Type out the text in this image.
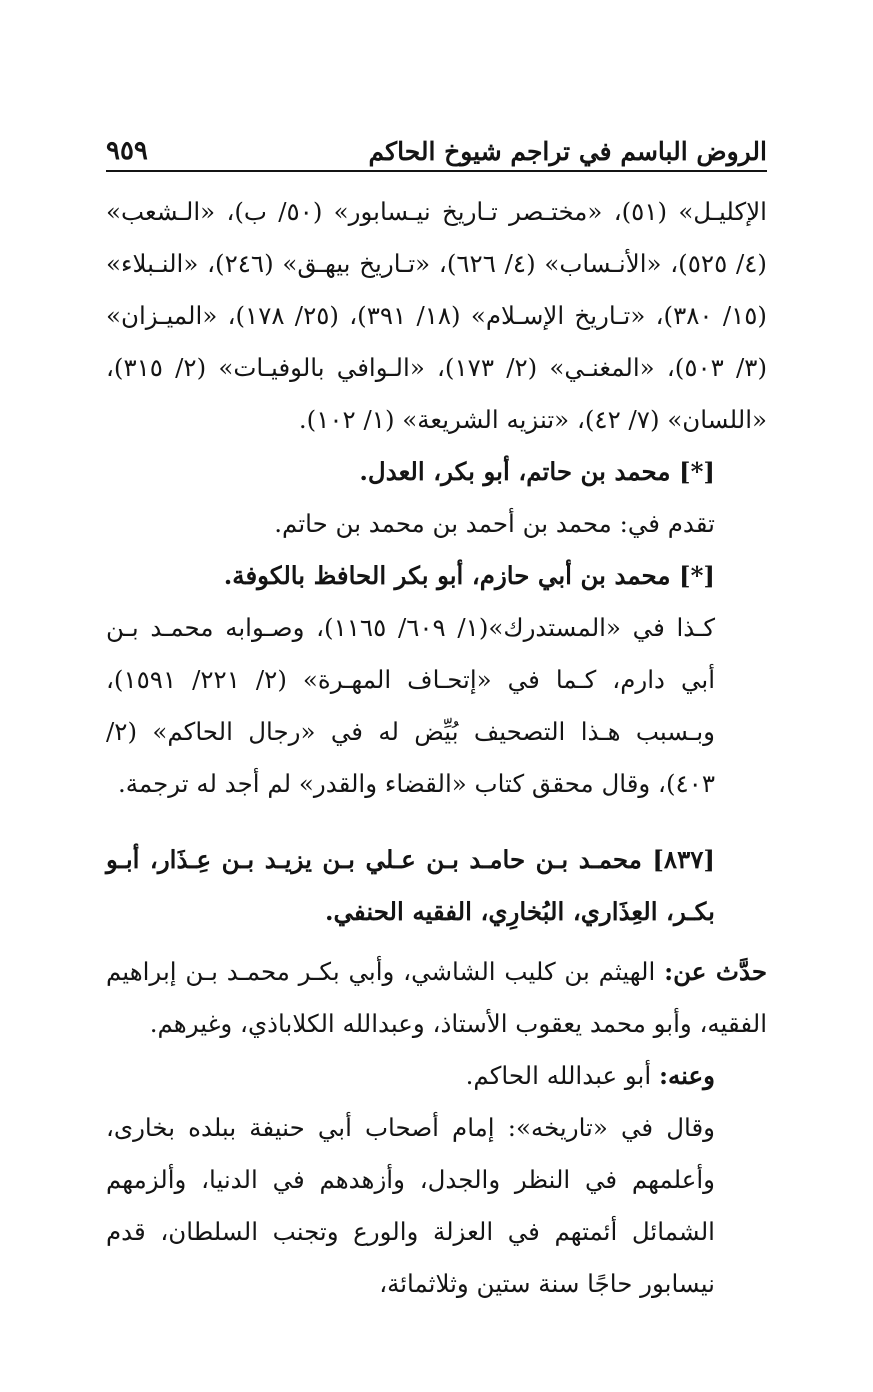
الروض الباسم في تراجم شيوخ الحاكم
٩٥٩

الإكليـل» (٥١)، «مختـصر تـاريخ نيـسابور» (٥٠/ ب)، «الـشعب» (٤/ ٥٢٥)، «الأنـساب» (٤/ ٦٢٦)، «تـاريخ بيهـق» (٢٤٦)، «النـبلاء» (١٥/ ٣٨٠)، «تـاريخ الإسـلام» (١٨/ ٣٩١)، (٢٥/ ١٧٨)، «الميـزان» (٣/ ٥٠٣)، «المغنـي» (٢/ ١٧٣)، «الـوافي بالوفيـات» (٢/ ٣١٥)، «اللسان» (٧/ ٤٢)، «تنزيه الشريعة» (١/ ١٠٢).

[*] محمد بن حاتم، أبو بكر، العدل.

تقدم في: محمد بن أحمد بن محمد بن حاتم.

[*] محمد بن أبي حازم، أبو بكر الحافظ بالكوفة.

كـذا في «المستدرك»(١/ ٦٠٩/ ١١٦٥)، وصـوابه محمـد بـن أبي دارم، كـما في «إتحـاف المهـرة» (٢/ ٢٢١/ ١٥٩١)، وبـسبب هـذا التصحيف بُيِّض له في «رجال الحاكم» (٢/ ٤٠٣)، وقال محقق كتاب «القضاء والقدر» لم أجد له ترجمة.

[٨٣٧] محمـد بـن حامـد بـن عـلي بـن يزيـد بـن عِـذَار، أبـو بكـر، العِذَاري، البُخارِي، الفقيه الحنفي.

حدَّث عن: الهيثم بن كليب الشاشي، وأبي بكـر محمـد بـن إبراهيم الفقيه، وأبو محمد يعقوب الأستاذ، وعبدالله الكلاباذي، وغيرهم.

وعنه: أبو عبدالله الحاكم.

وقال في «تاريخه»: إمام أصحاب أبي حنيفة ببلده بخارى، وأعلمهم في النظر والجدل، وأزهدهم في الدنيا، وألزمهم الشمائل أئمتهم في العزلة والورع وتجنب السلطان، قدم نيسابور حاجًا سنة ستين وثلاثمائة،
